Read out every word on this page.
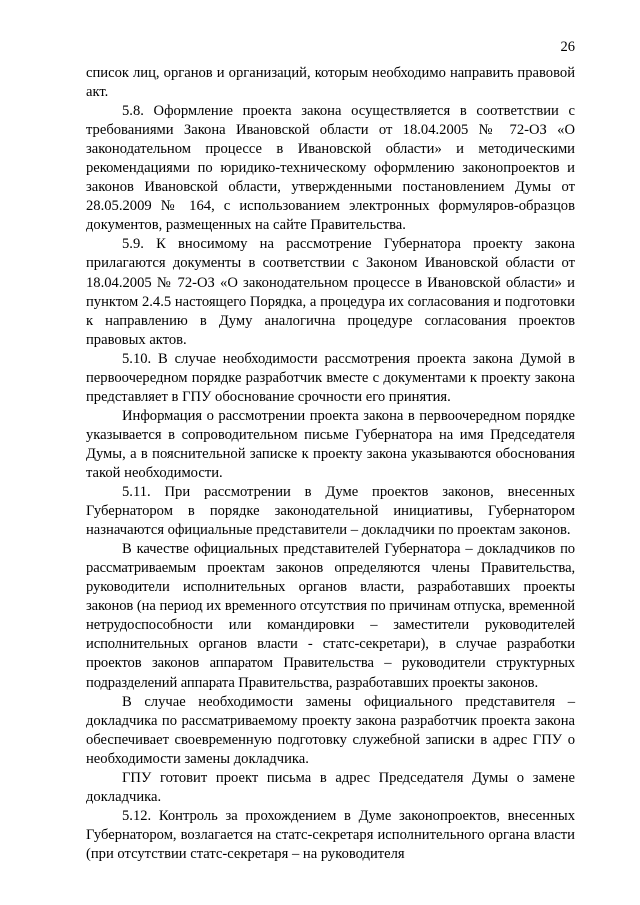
26

список лиц, органов и организаций, которым необходимо направить правовой акт.

5.8. Оформление проекта закона осуществляется в соответствии с требованиями Закона Ивановской области от 18.04.2005 № 72-ОЗ «О законодательном процессе в Ивановской области» и методическими рекомендациями по юридико-техническому оформлению законопроектов и законов Ивановской области, утвержденными постановлением Думы от 28.05.2009 № 164, с использованием электронных формуляров-образцов документов, размещенных на сайте Правительства.

5.9. К вносимому на рассмотрение Губернатора проекту закона прилагаются документы в соответствии с Законом Ивановской области от 18.04.2005 № 72-ОЗ «О законодательном процессе в Ивановской области» и пунктом 2.4.5 настоящего Порядка, а процедура их согласования и подготовки к направлению в Думу аналогична процедуре согласования проектов правовых актов.

5.10. В случае необходимости рассмотрения проекта закона Думой в первоочередном порядке разработчик вместе с документами к проекту закона представляет в ГПУ обоснование срочности его принятия.

Информация о рассмотрении проекта закона в первоочередном порядке указывается в сопроводительном письме Губернатора на имя Председателя Думы, а в пояснительной записке к проекту закона указываются обоснования такой необходимости.

5.11. При рассмотрении в Думе проектов законов, внесенных Губернатором в порядке законодательной инициативы, Губернатором назначаются официальные представители – докладчики по проектам законов.

В качестве официальных представителей Губернатора – докладчиков по рассматриваемым проектам законов определяются члены Правительства, руководители исполнительных органов власти, разработавших проекты законов (на период их временного отсутствия по причинам отпуска, временной нетрудоспособности или командировки – заместители руководителей исполнительных органов власти - статс-секретари), в случае разработки проектов законов аппаратом Правительства – руководители структурных подразделений аппарата Правительства, разработавших проекты законов.

В случае необходимости замены официального представителя – докладчика по рассматриваемому проекту закона разработчик проекта закона обеспечивает своевременную подготовку служебной записки в адрес ГПУ о необходимости замены докладчика.

ГПУ готовит проект письма в адрес Председателя Думы о замене докладчика.

5.12. Контроль за прохождением в Думе законопроектов, внесенных Губернатором, возлагается на статс-секретаря исполнительного органа власти (при отсутствии статс-секретаря – на руководителя
